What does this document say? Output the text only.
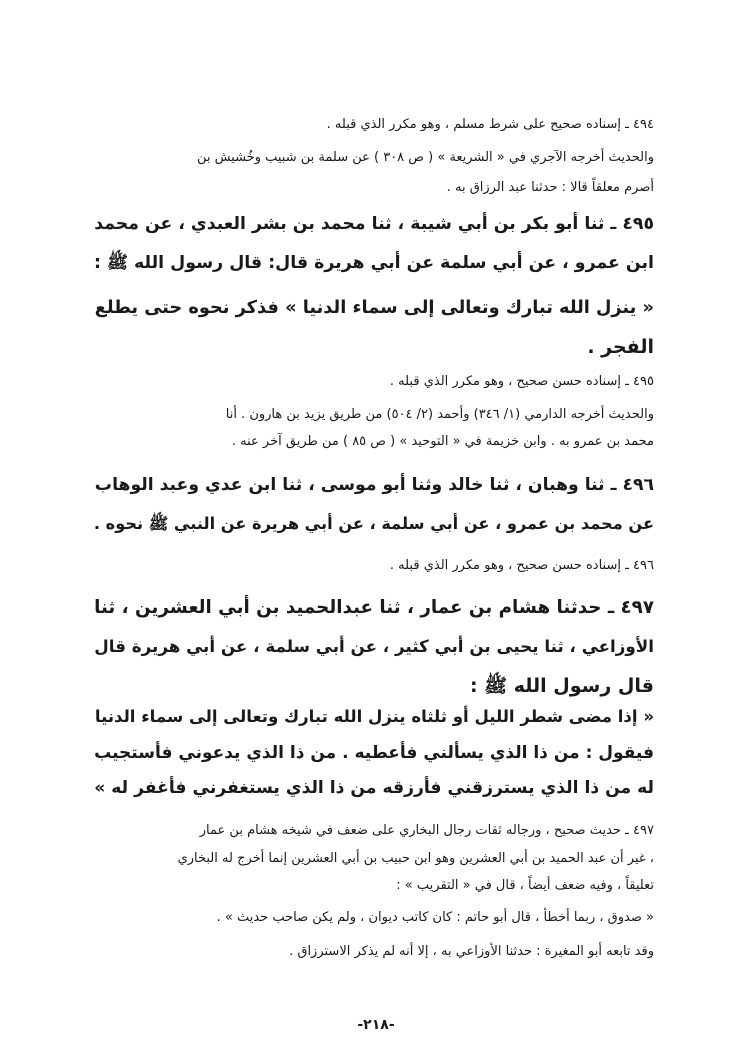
٤٩٤ ـ إسناده صحيح على شرط مسلم ، وهو مكرر الذي قبله .
والحديث أخرجه الآجري في « الشريعة » ( ص ٣٠٨ ) عن سلمة بن شبيب وخُشيش بن
أصرم معلقاً قالا : حدثنا عبد الرزاق به .
٤٩٥ ـ ثنا أبو بكر بن أبي شيبة ، ثنا محمد بن بشر العبدي ، عن محمد
ابن عمرو ، عن أبي سلمة عن أبي هريرة قال: قال رسول الله ﷺ :
« ينزل الله تبارك وتعالى إلى سماء الدنيا » فذكر نحوه حتى يطلع
الفجر .
٤٩٥ ـ إسناده حسن صحيح ، وهو مكرر الذي قبله .
والحديث أخرجه الدارمي (١/ ٣٤٦) وأحمد (٢/ ٥٠٤) من طريق يزيد بن هارون . أنا
محمد بن عمرو به . وابن خزيمة في « التوحيد » ( ص ٨٥ ) من طريق آخر عنه .
٤٩٦ ـ ثنا وهبان ، ثنا خالد وثنا أبو موسى ، ثنا ابن عدي وعبد الوهاب
عن محمد بن عمرو ، عن أبي سلمة ، عن أبي هريرة عن النبي ﷺ نحوه .
٤٩٦ ـ إسناده حسن صحيح ، وهو مكرر الذي قبله .
٤٩٧ ـ حدثنا هشام بن عمار ، ثنا عبدالحميد بن أبي العشرين ، ثنا
الأوزاعي ، ثنا يحيى بن أبي كثير ، عن أبي سلمة ، عن أبي هريرة قال
قال رسول الله ﷺ :
« إذا مضى شطر الليل أو ثلثاه ينزل الله تبارك وتعالى إلى سماء الدنيا
فيقول : من ذا الذي يسألني فأعطيه . من ذا الذي يدعوني فأستجيب
له من ذا الذي يسترزقني فأرزقه من ذا الذي يستغفرني فأغفر له »
٤٩٧ ـ حديث صحيح ، ورجاله ثقات رجال البخاري على ضعف في شيخه هشام بن عمار
، غير أن عبد الحميد بن أبي العشرين وهو ابن حبيب بن أبي العشرين إنما أخرج له البخاري
تعليقاً ، وفيه ضعف أيضاً ، قال في « التقريب » :
« صدوق ، ربما أخطأ ، قال أبو حاتم : كان كاتب ديوان ، ولم يكن صاحب حديث » .
وقد تابعه أبو المغيرة : حدثنا الأوزاعي به ، إلا أنه لم يذكر الاسترزاق .
-٢١٨-
